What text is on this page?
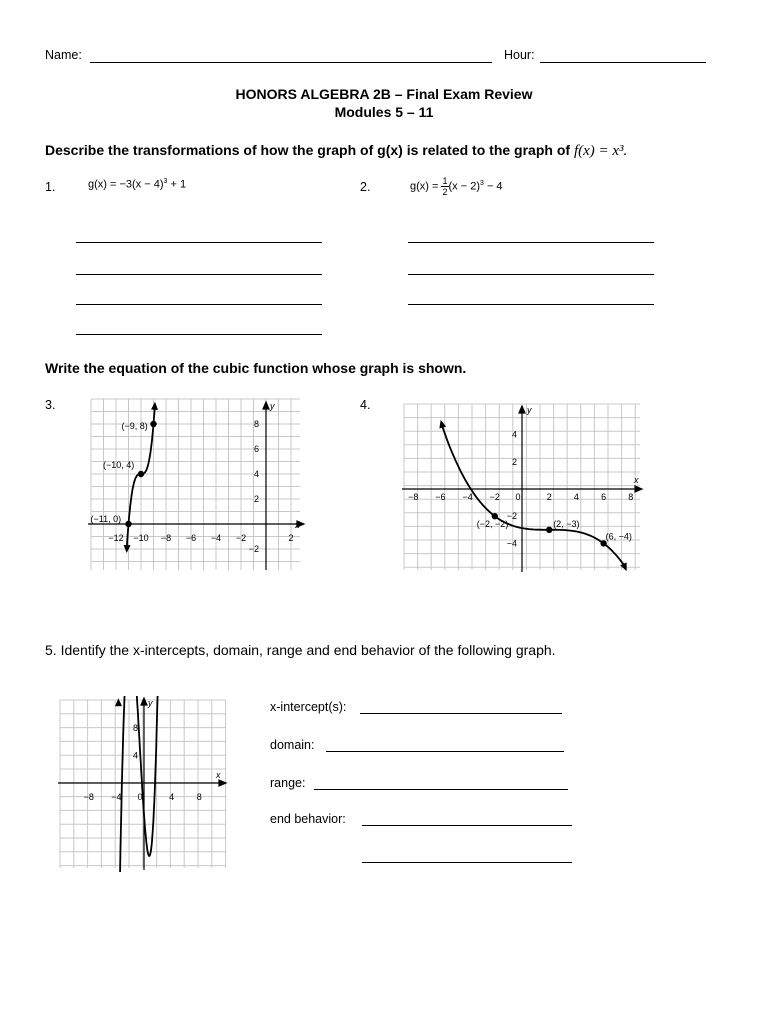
Name:	Hour:
HONORS ALGEBRA 2B – Final Exam Review
Modules 5 – 11
Describe the transformations of how the graph of g(x) is related to the graph of f(x) = x³.
1.	$g(x) = -3(x - 4)^3 + 1$	2.	$g(x) = \frac{1}{2} (x - 2)^3 - 4$
Write the equation of the cubic function whose graph is shown.
3.
x
y
−12 −10 −8 −6 −4 −2	2
8
6
4
2
−2
(−9, 8)
(−10, 4)
(−11, 0)
4.
x
y
−8 −6 −4 −2 0	2 4 6 8
4
2
−2
−4
(−2, −2)	(2, −3)
(6, −4)
5. Identify the x-intercepts, domain, range and end behavior of the following graph.
x
y
−8 −4 0	4	8
8
4
x-intercept(s):
domain:
range:
end behavior:
